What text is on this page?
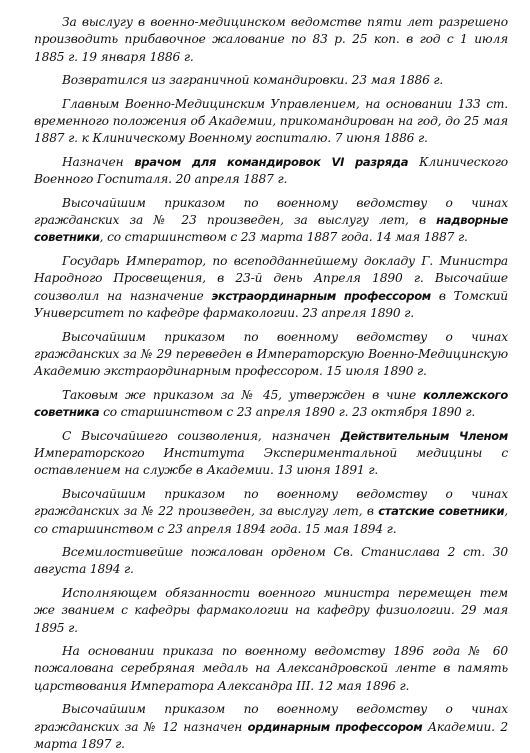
За выслугу в военно-медицинском ведомстве пяти лет разрешено производить прибавочное жалование по 83 р. 25 коп. в год с 1 июля 1885 г. 19 января 1886 г.

Возвратился из заграничной командировки. 23 мая 1886 г.

Главным Военно-Медицинским Управлением, на основании 133 ст. временного положения об Академии, прикомандирован на год, до 25 мая 1887 г. к Клиническому Военному госпиталю. 7 июня 1886 г.

Назначен врачом для командировок VI разряда Клинического Военного Госпиталя. 20 апреля 1887 г.

Высочайшим приказом по военному ведомству о чинах гражданских за № 23 произведен, за выслугу лет, в надворные советники, со старшинством с 23 марта 1887 года. 14 мая 1887 г.

Государь Император, по всеподданнейшему докладу Г. Министра Народного Просвещения, в 23-й день Апреля 1890 г. Высочайше соизволил на назначение экстраординарным профессором в Томский Университет по кафедре фармакологии. 23 апреля 1890 г.

Высочайшим приказом по военному ведомству о чинах гражданских за № 29 переведен в Императорскую Военно-Медицинскую Академию экстраординарным профессором. 15 июля 1890 г.

Таковым же приказом за № 45, утвержден в чине коллежского советника со старшинством с 23 апреля 1890 г. 23 октября 1890 г.

С Высочайшего соизволения, назначен Действительным Членом Императорского Института Экспериментальной медицины с оставлением на службе в Академии. 13 июня 1891 г.

Высочайшим приказом по военному ведомству о чинах гражданских за № 22 произведен, за выслугу лет, в статские советники, со старшинством с 23 апреля 1894 года. 15 мая 1894 г.

Всемилостивейше пожалован орденом Св. Станислава 2 ст. 30 августа 1894 г.

Исполняющем обязанности военного министра перемещен тем же званием с кафедры фармакологии на кафедру физиологии. 29 мая 1895 г.

На основании приказа по военному ведомству 1896 года № 60 пожалована серебряная медаль на Александровской ленте в память царствования Императора Александра III. 12 мая 1896 г.

Высочайшим приказом по военному ведомству о чинах гражданских за № 12 назначен ординарным профессором Академии. 2 марта 1897 г.
